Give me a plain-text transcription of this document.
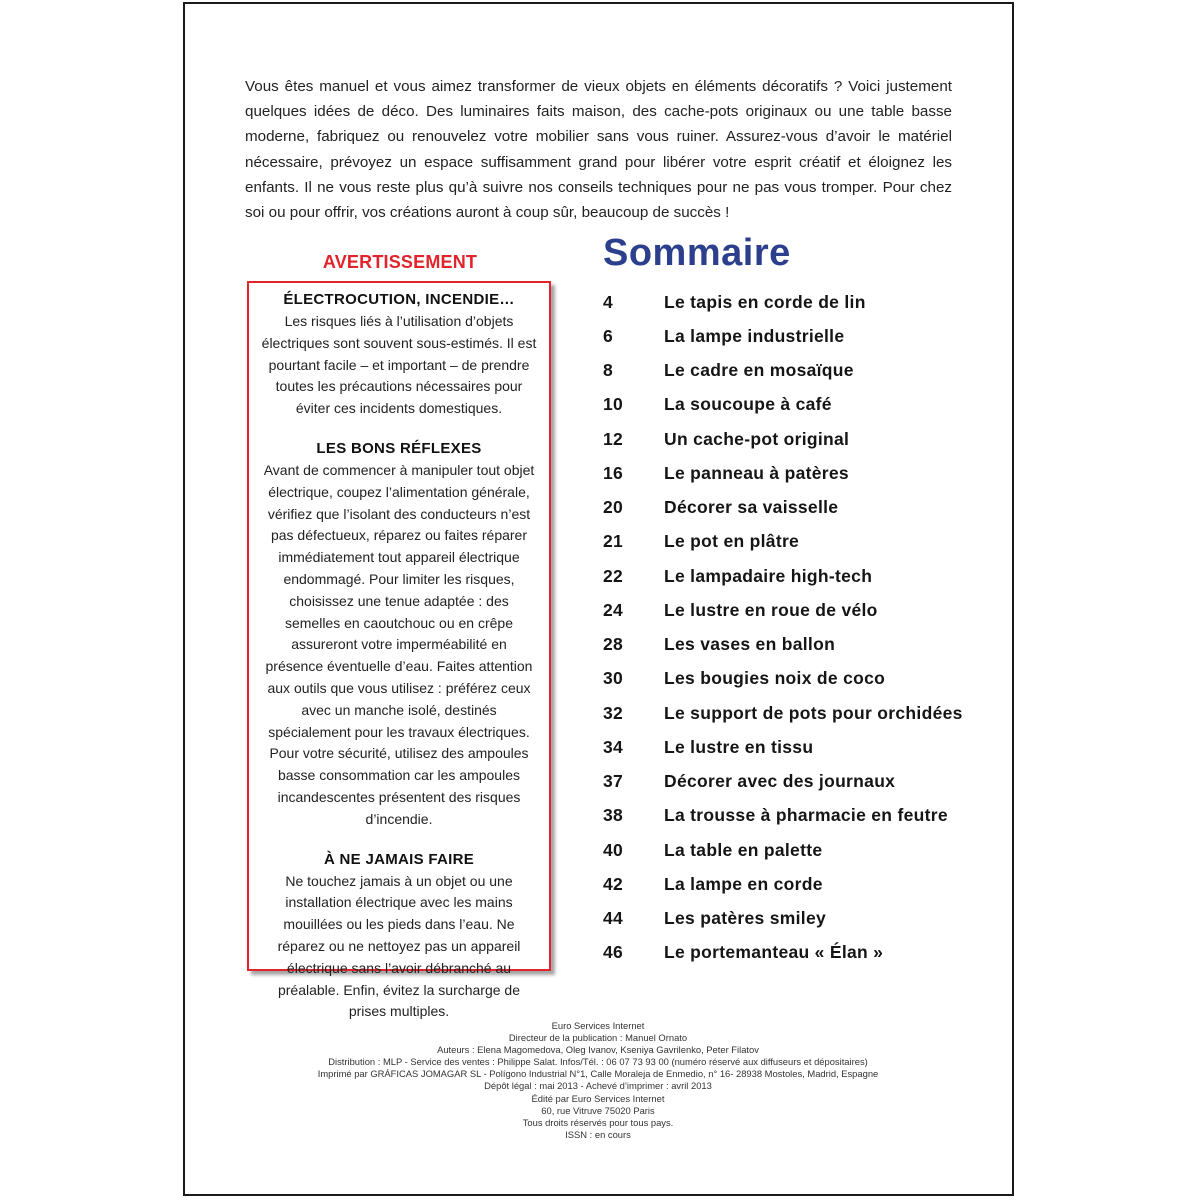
Vous êtes manuel et vous aimez transformer de vieux objets en éléments décoratifs ? Voici justement quelques idées de déco. Des luminaires faits maison, des cache-pots originaux ou une table basse moderne, fabriquez ou renouvelez votre mobilier sans vous ruiner. Assurez-vous d’avoir le matériel nécessaire, prévoyez un espace suffisamment grand pour libérer votre esprit créatif et éloignez les enfants. Il ne vous reste plus qu’à suivre nos conseils techniques pour ne pas vous tromper. Pour chez soi ou pour offrir, vos créations auront à coup sûr, beaucoup de succès !

AVERTISSEMENT
ÉLECTROCUTION, INCENDIE…

Les risques liés à l’utilisation d’objets électriques sont souvent sous-estimés. Il est pourtant facile – et important – de prendre toutes les précautions nécessaires pour éviter ces incidents domestiques.

LES BONS RÉFLEXES

Avant de commencer à manipuler tout objet électrique, coupez l’alimentation générale, vérifiez que l’isolant des conducteurs n’est pas défectueux, réparez ou faites réparer immédiatement tout appareil électrique endommagé. Pour limiter les risques, choisissez une tenue adaptée : des semelles en caoutchouc ou en crêpe assureront votre imperméabilité en présence éventuelle d’eau. Faites attention aux outils que vous utilisez : préférez ceux avec un manche isolé, destinés spécialement pour les travaux électriques. Pour votre sécurité, utilisez des ampoules basse consommation car les ampoules incandescentes présentent des risques d’incendie.

À NE JAMAIS FAIRE

Ne touchez jamais à un objet ou une installation électrique avec les mains mouillées ou les pieds dans l’eau. Ne réparez ou ne nettoyez pas un appareil électrique sans l’avoir débranché au préalable. Enfin, évitez la surcharge de prises multiples.

Sommaire
4	Le tapis en corde de lin
6	La lampe industrielle
8	Le cadre en mosaïque
10	La soucoupe à café
12	Un cache-pot original
16	Le panneau à patères
20	Décorer sa vaisselle
21	Le pot en plâtre
22	Le lampadaire high-tech
24	Le lustre en roue de vélo
28	Les vases en ballon
30	Les bougies noix de coco
32	Le support de pots pour orchidées
34	Le lustre en tissu
37	Décorer avec des journaux
38	La trousse à pharmacie en feutre
40	La table en palette
42	La lampe en corde
44	Les patères smiley
46	Le portemanteau « Élan »
Euro Services Internet
Directeur de la publication : Manuel Ornato
Auteurs : Elena Magomedova, Oleg Ivanov, Kseniya Gavrilenko, Peter Filatov
Distribution : MLP - Service des ventes : Philippe Salat. Infos/Tél. : 06 07 73 93 00 (numéro réservé aux diffuseurs et dépositaires)
Imprimé par GRÁFICAS JOMAGAR SL - Polígono Industrial N°1, Calle Moraleja de Enmedio, n° 16- 28938 Mostoles, Madrid, Espagne
Dépôt légal : mai 2013 - Achevé d’imprimer : avril 2013
Édité par Euro Services Internet
60, rue Vitruve 75020 Paris
Tous droits réservés pour tous pays.
ISSN : en cours
